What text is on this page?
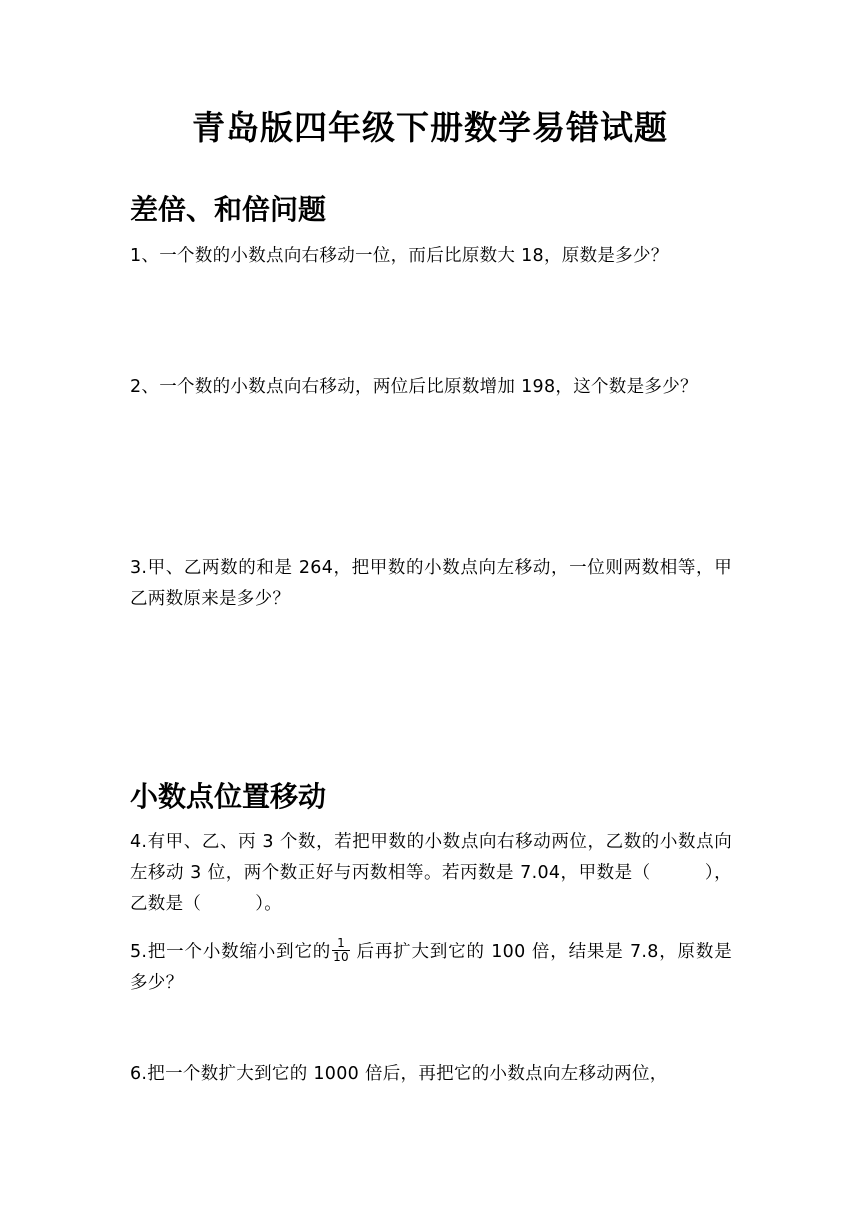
青岛版四年级下册数学易错试题
差倍、和倍问题
1、一个数的小数点向右移动一位，而后比原数大 18，原数是多少？
2、一个数的小数点向右移动，两位后比原数增加 198，这个数是多少？
3.甲、乙两数的和是 264，把甲数的小数点向左移动，一位则两数相等，甲乙两数原来是多少？
小数点位置移动
4.有甲、乙、丙 3 个数，若把甲数的小数点向右移动两位，乙数的小数点向左移动 3 位，两个数正好与丙数相等。若丙数是 7.04，甲数是（	），乙数是（	）。
5.把一个小数缩小到它的 $\frac{1}{10}$ 后再扩大到它的 100 倍，结果是 7.8，原数是多少？
6.把一个数扩大到它的 1000 倍后，再把它的小数点向左移动两位，
